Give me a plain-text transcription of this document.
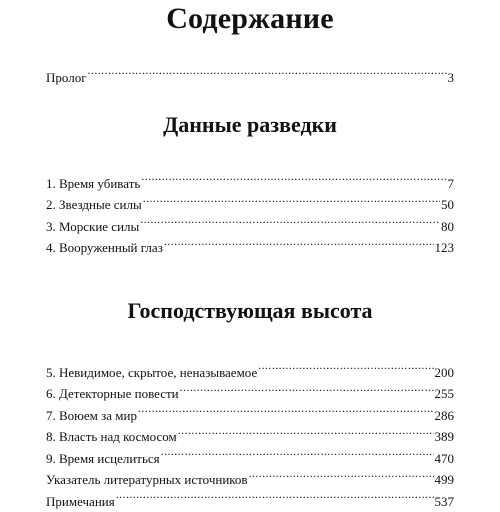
Содержание
Пролог .....	3
Данные разведки
1. Время убивать .....	7
2. Звездные силы .....	50
3. Морские силы .....	80
4. Вооруженный глаз .....	123
Господствующая высота
5. Невидимое, скрытое, неназываемое .....	200
6. Детекторные повести .....	255
7. Воюем за мир .....	286
8. Власть над космосом .....	389
9. Время исцелиться .....	470
Указатель литературных источников .....	499
Примечания .....	537
